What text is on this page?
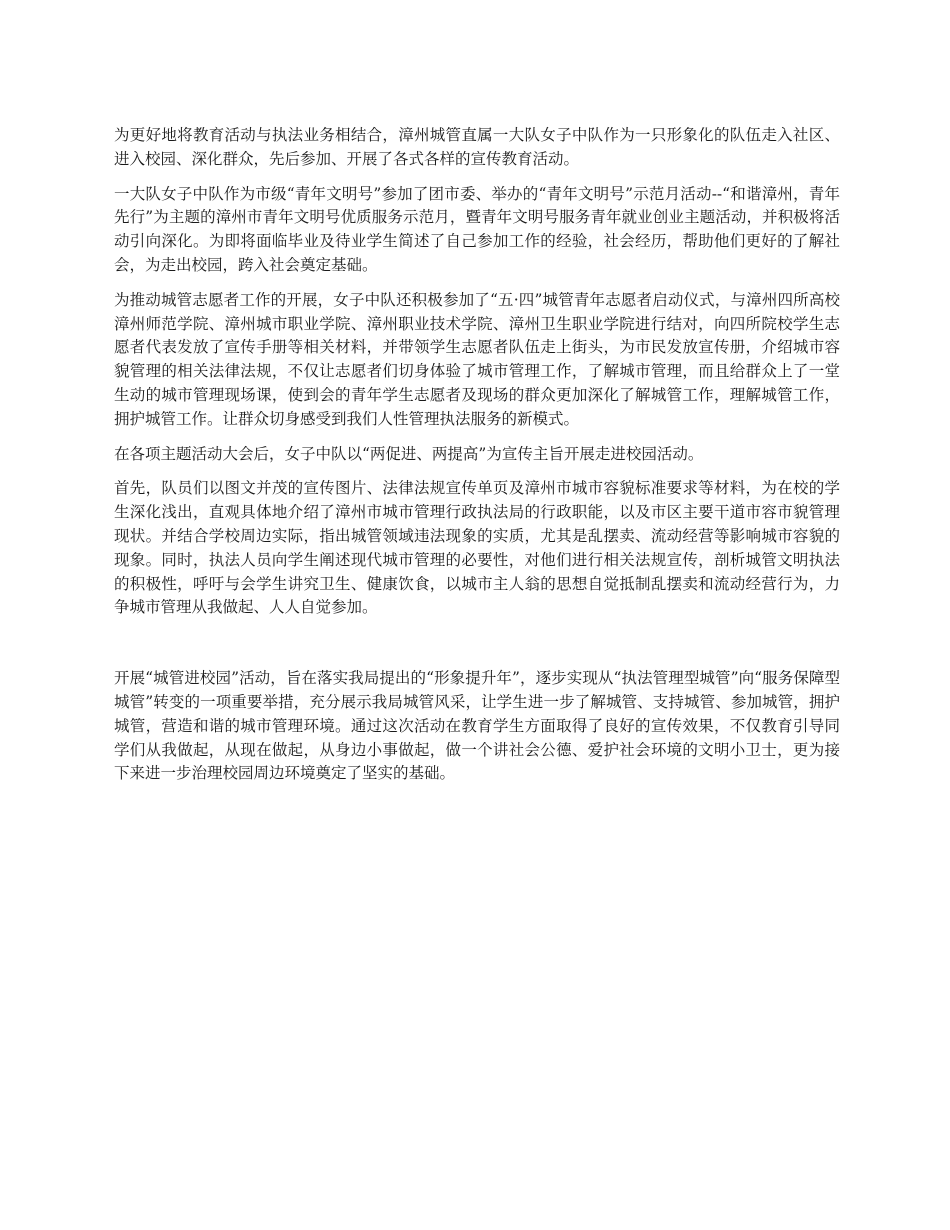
为更好地将教育活动与执法业务相结合，漳州城管直属一大队女子中队作为一只形象化的队伍走入社区、进入校园、深化群众，先后参加、开展了各式各样的宣传教育活动。

一大队女子中队作为市级“青年文明号”参加了团市委、举办的“青年文明号”示范月活动--“和谐漳州，青年先行”为主题的漳州市青年文明号优质服务示范月，暨青年文明号服务青年就业创业主题活动，并积极将活动引向深化。为即将面临毕业及待业学生简述了自己参加工作的经验，社会经历，帮助他们更好的了解社会，为走出校园，跨入社会奠定基础。

为推动城管志愿者工作的开展，女子中队还积极参加了“五·四”城管青年志愿者启动仪式，与漳州四所高校漳州师范学院、漳州城市职业学院、漳州职业技术学院、漳州卫生职业学院进行结对，向四所院校学生志愿者代表发放了宣传手册等相关材料，并带领学生志愿者队伍走上街头，为市民发放宣传册，介绍城市容貌管理的相关法律法规，不仅让志愿者们切身体验了城市管理工作，了解城市管理，而且给群众上了一堂生动的城市管理现场课，使到会的青年学生志愿者及现场的群众更加深化了解城管工作，理解城管工作，拥护城管工作。让群众切身感受到我们人性管理执法服务的新模式。

在各项主题活动大会后，女子中队以“两促进、两提高”为宣传主旨开展走进校园活动。

首先，队员们以图文并茂的宣传图片、法律法规宣传单页及漳州市城市容貌标准要求等材料，为在校的学生深化浅出，直观具体地介绍了漳州市城市管理行政执法局的行政职能，以及市区主要干道市容市貌管理现状。并结合学校周边实际，指出城管领域违法现象的实质，尤其是乱摆卖、流动经营等影响城市容貌的现象。同时，执法人员向学生阐述现代城市管理的必要性，对他们进行相关法规宣传，剖析城管文明执法的积极性，呼吁与会学生讲究卫生、健康饮食，以城市主人翁的思想自觉抵制乱摆卖和流动经营行为，力争城市管理从我做起、人人自觉参加。

开展“城管进校园”活动，旨在落实我局提出的“形象提升年”，逐步实现从“执法管理型城管”向“服务保障型城管”转变的一项重要举措，充分展示我局城管风采，让学生进一步了解城管、支持城管、参加城管，拥护城管，营造和谐的城市管理环境。通过这次活动在教育学生方面取得了良好的宣传效果，不仅教育引导同学们从我做起，从现在做起，从身边小事做起，做一个讲社会公德、爱护社会环境的文明小卫士，更为接下来进一步治理校园周边环境奠定了坚实的基础。
